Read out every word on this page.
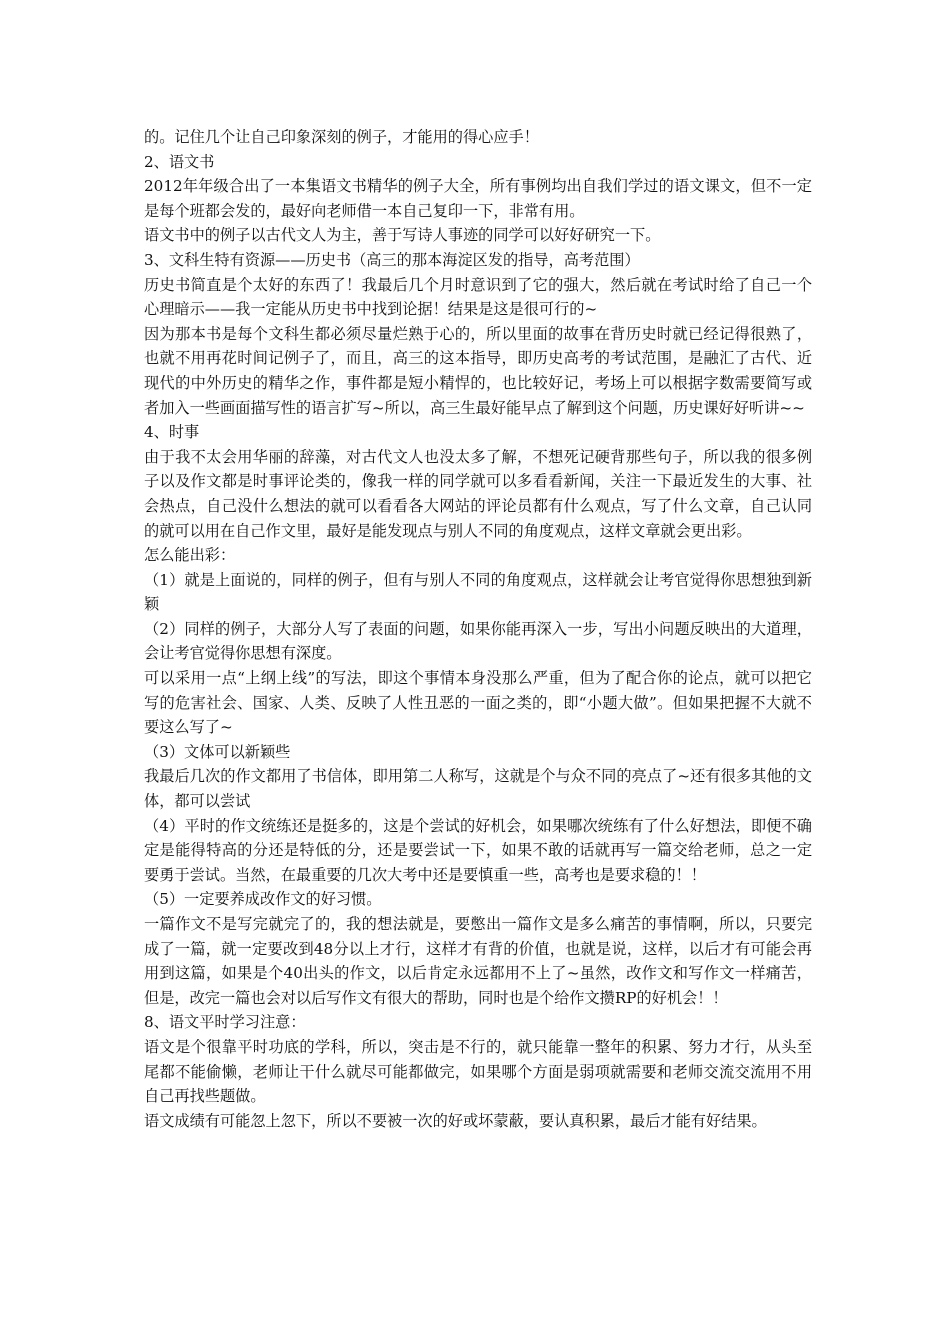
的。记住几个让自己印象深刻的例子，才能用的得心应手！

2、语文书

2012年年级合出了一本集语文书精华的例子大全，所有事例均出自我们学过的语文课文，但不一定是每个班都会发的，最好向老师借一本自己复印一下，非常有用。

语文书中的例子以古代文人为主，善于写诗人事迹的同学可以好好研究一下。

3、文科生特有资源——历史书（高三的那本海淀区发的指导，高考范围）

历史书简直是个太好的东西了！我最后几个月时意识到了它的强大，然后就在考试时给了自己一个心理暗示——我一定能从历史书中找到论据！结果是这是很可行的~

因为那本书是每个文科生都必须尽量烂熟于心的，所以里面的故事在背历史时就已经记得很熟了，也就不用再花时间记例子了，而且，高三的这本指导，即历史高考的考试范围，是融汇了古代、近现代的中外历史的精华之作，事件都是短小精悍的，也比较好记，考场上可以根据字数需要简写或者加入一些画面描写性的语言扩写~所以，高三生最好能早点了解到这个问题，历史课好好听讲~~

4、时事

由于我不太会用华丽的辞藻，对古代文人也没太多了解，不想死记硬背那些句子，所以我的很多例子以及作文都是时事评论类的，像我一样的同学就可以多看看新闻，关注一下最近发生的大事、社会热点，自己没什么想法的就可以看看各大网站的评论员都有什么观点，写了什么文章，自己认同的就可以用在自己作文里，最好是能发现点与别人不同的角度观点，这样文章就会更出彩。

怎么能出彩：

（1）就是上面说的，同样的例子，但有与别人不同的角度观点，这样就会让考官觉得你思想独到新颖

（2）同样的例子，大部分人写了表面的问题，如果你能再深入一步，写出小问题反映出的大道理，会让考官觉得你思想有深度。

可以采用一点“上纲上线”的写法，即这个事情本身没那么严重，但为了配合你的论点，就可以把它写的危害社会、国家、人类、反映了人性丑恶的一面之类的，即“小题大做”。但如果把握不大就不要这么写了~

（3）文体可以新颖些

我最后几次的作文都用了书信体，即用第二人称写，这就是个与众不同的亮点了~还有很多其他的文体，都可以尝试

（4）平时的作文统练还是挺多的，这是个尝试的好机会，如果哪次统练有了什么好想法，即便不确定是能得特高的分还是特低的分，还是要尝试一下，如果不敢的话就再写一篇交给老师，总之一定要勇于尝试。当然，在最重要的几次大考中还是要慎重一些，高考也是要求稳的！！

（5）一定要养成改作文的好习惯。

一篇作文不是写完就完了的，我的想法就是，要憋出一篇作文是多么痛苦的事情啊，所以，只要完成了一篇，就一定要改到48分以上才行，这样才有背的价值，也就是说，这样，以后才有可能会再用到这篇，如果是个40出头的作文，以后肯定永远都用不上了~虽然，改作文和写作文一样痛苦，但是，改完一篇也会对以后写作文有很大的帮助，同时也是个给作文攒RP的好机会！！

8、语文平时学习注意：

语文是个很靠平时功底的学科，所以，突击是不行的，就只能靠一整年的积累、努力才行，从头至尾都不能偷懒，老师让干什么就尽可能都做完，如果哪个方面是弱项就需要和老师交流交流用不用自己再找些题做。

语文成绩有可能忽上忽下，所以不要被一次的好或坏蒙蔽，要认真积累，最后才能有好结果。
